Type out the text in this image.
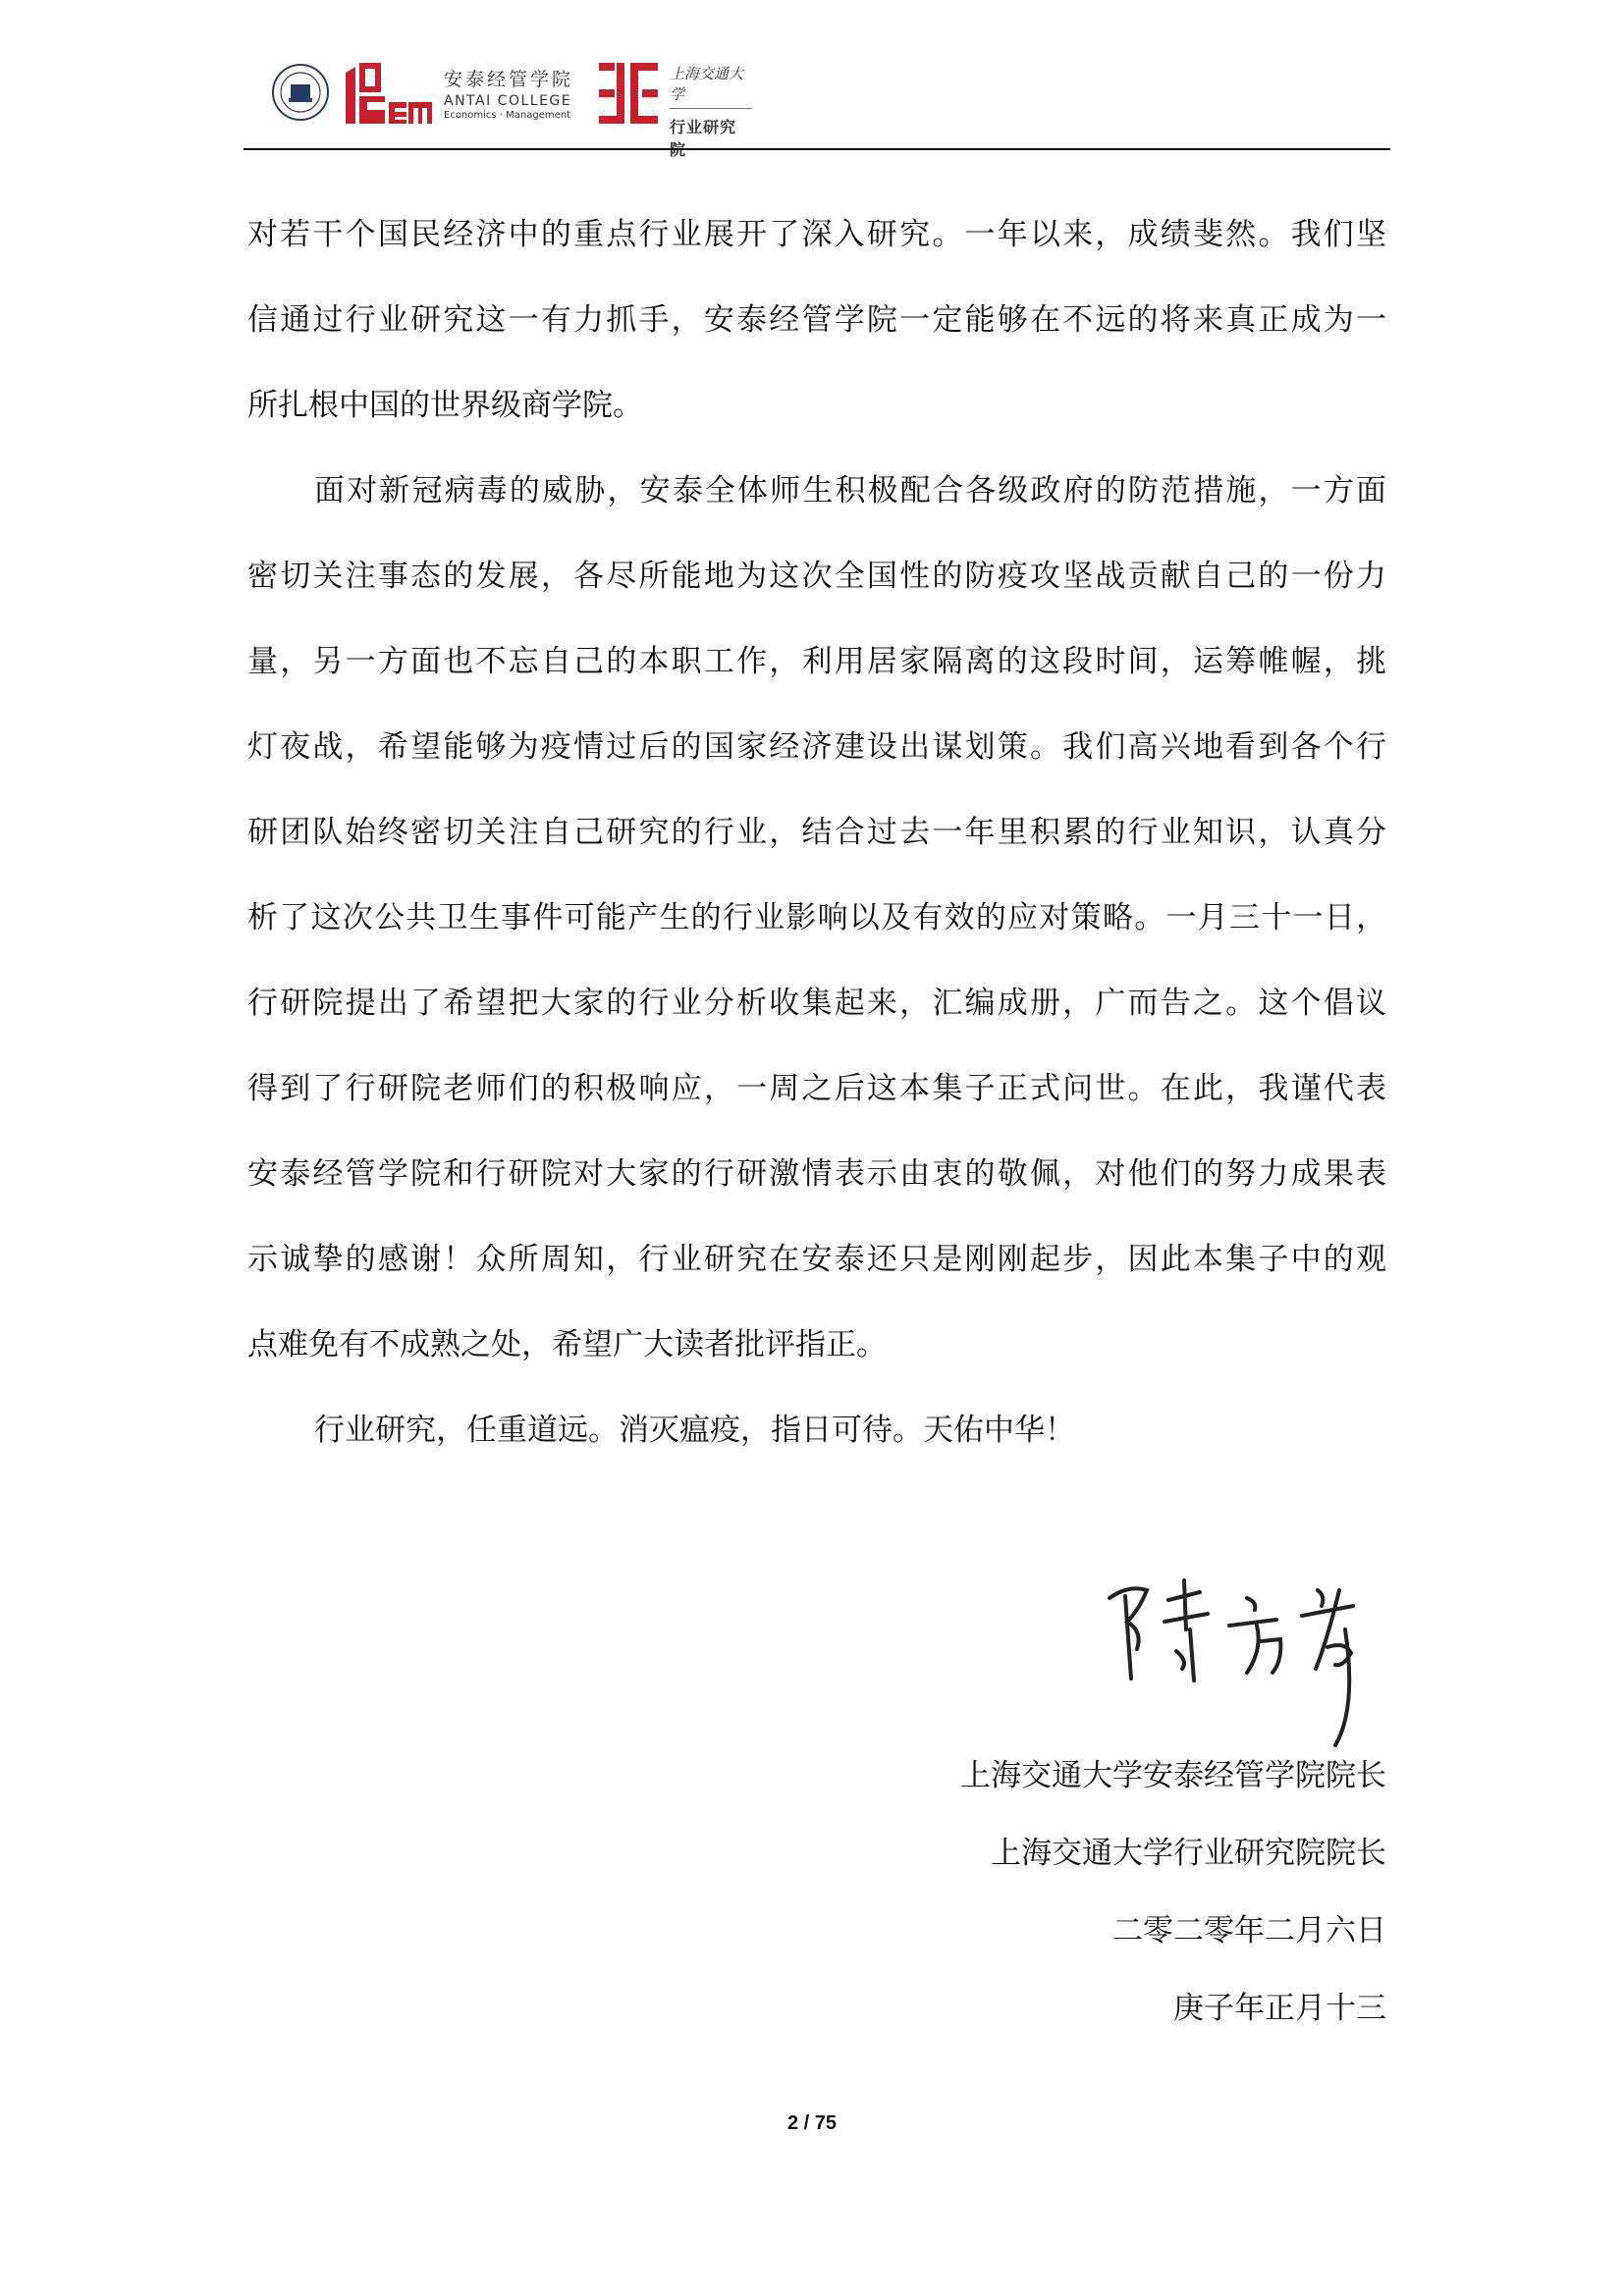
安泰经管学院
ANTAI COLLEGE
Economics · Management
上海交通大学
行业研究
对若干个国民经济中的重点行业展开了深入研究。一年以来，成绩斐然。我们坚
信通过行业研究这一有力抓手，安泰经管学院一定能够在不远的将来真正成为一
所扎根中国的世界级商学院。
面对新冠病毒的威胁，安泰全体师生积极配合各级政府的防范措施，一方面
密切关注事态的发展，各尽所能地为这次全国性的防疫攻坚战贡献自己的一份力
量，另一方面也不忘自己的本职工作，利用居家隔离的这段时间，运筹帷幄，挑
灯夜战，希望能够为疫情过后的国家经济建设出谋划策。我们高兴地看到各个行
研团队始终密切关注自己研究的行业，结合过去一年里积累的行业知识，认真分
析了这次公共卫生事件可能产生的行业影响以及有效的应对策略。一月三十一日，
行研院提出了希望把大家的行业分析收集起来，汇编成册，广而告之。这个倡议
得到了行研院老师们的积极响应，一周之后这本集子正式问世。在此，我谨代表
安泰经管学院和行研院对大家的行研激情表示由衷的敬佩，对他们的努力成果表
示诚挚的感谢！众所周知，行业研究在安泰还只是刚刚起步，因此本集子中的观
点难免有不成熟之处，希望广大读者批评指正。
行业研究，任重道远。消灭瘟疫，指日可待。天佑中华！
上海交通大学安泰经管学院院长
上海交通大学行业研究院院长
二零二零年二月六日
庚子年正月十三
2 / 75
